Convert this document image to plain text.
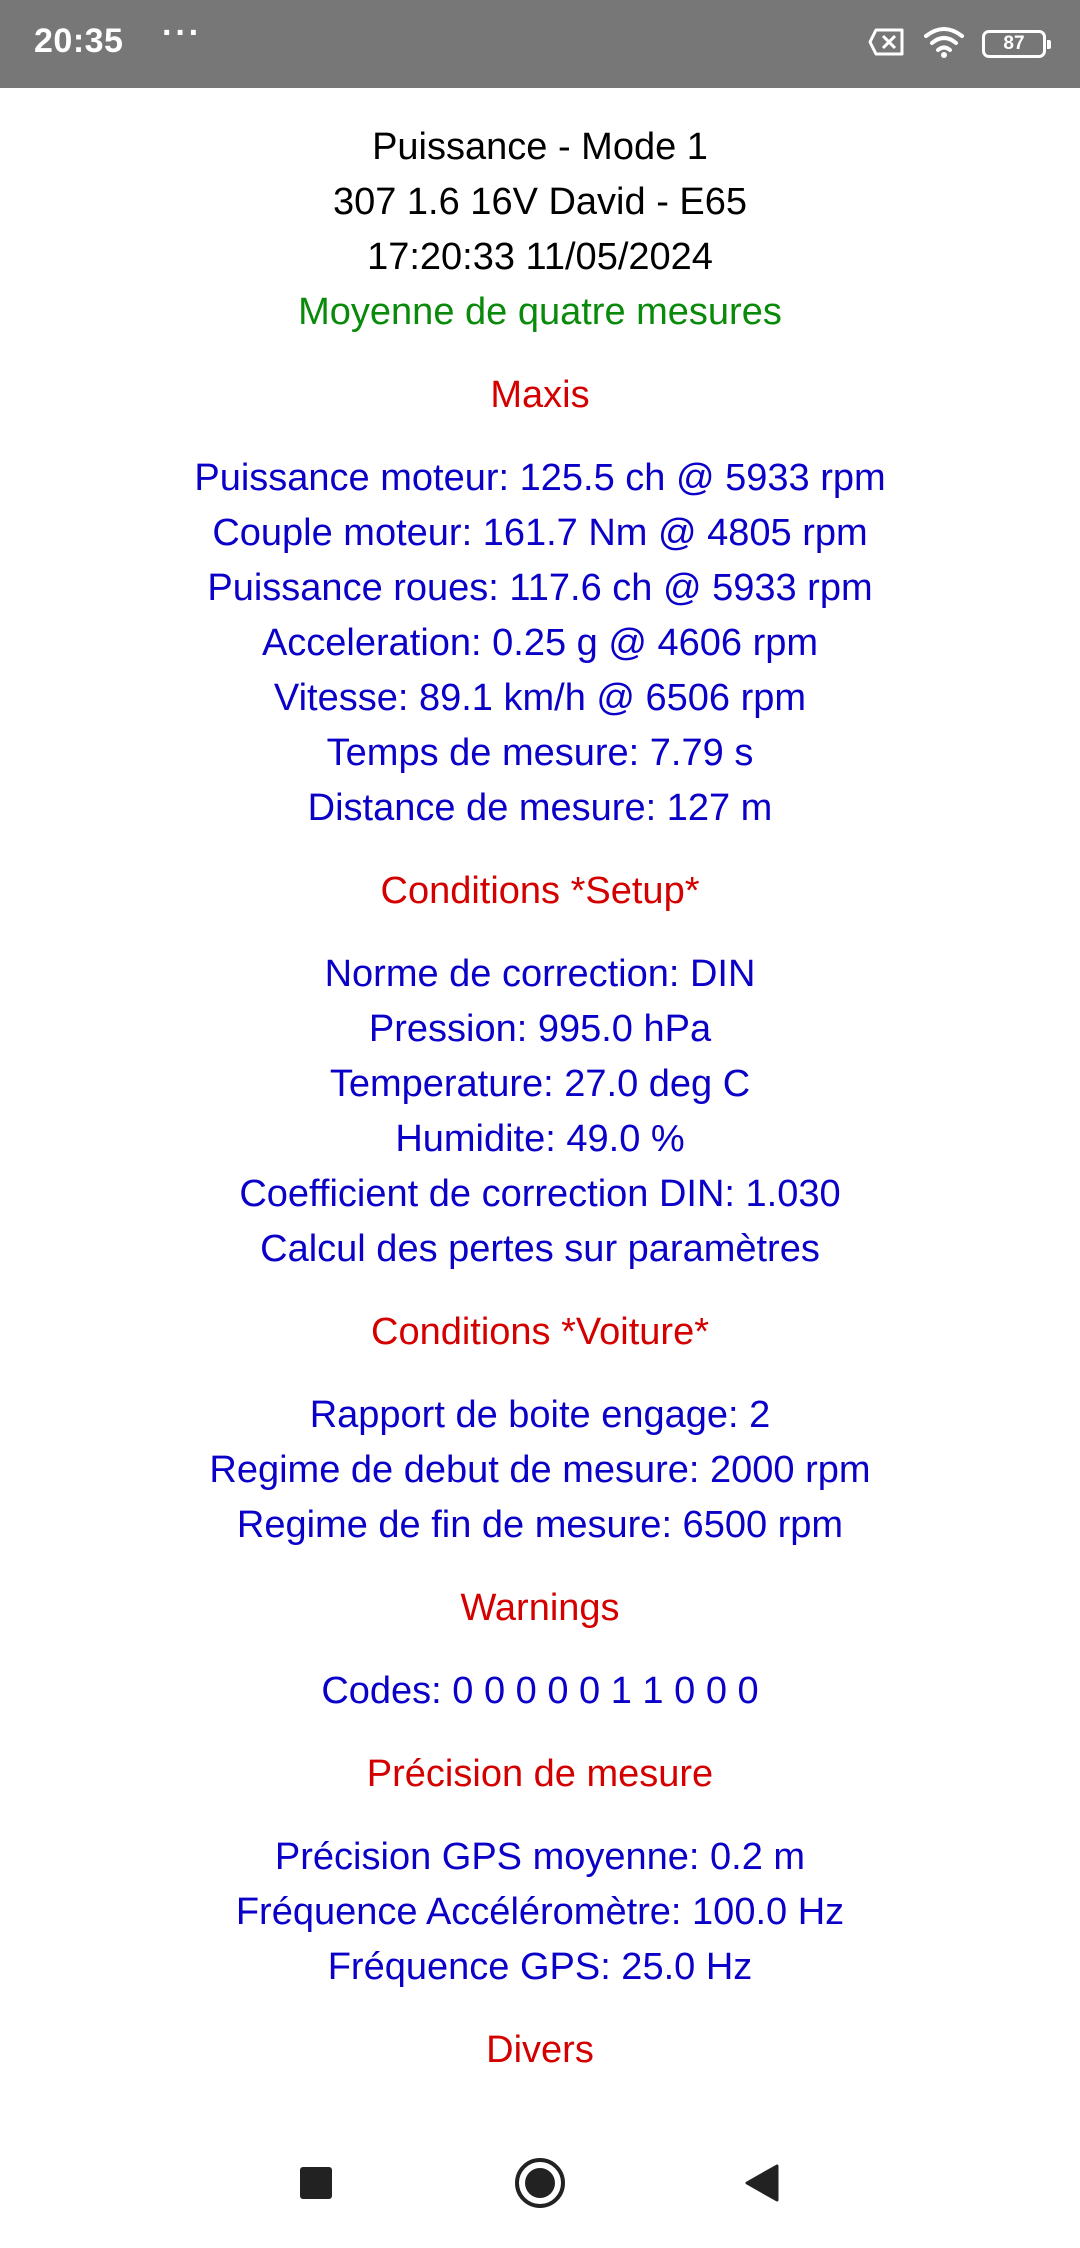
20:35 ···	87
Puissance - Mode 1
307 1.6 16V David - E65
17:20:33 11/05/2024
Moyenne de quatre mesures
Maxis
Puissance moteur: 125.5 ch @ 5933 rpm
Couple moteur: 161.7 Nm @ 4805 rpm
Puissance roues: 117.6 ch @ 5933 rpm
Acceleration: 0.25 g @ 4606 rpm
Vitesse: 89.1 km/h @ 6506 rpm
Temps de mesure: 7.79 s
Distance de mesure: 127 m
Conditions *Setup*
Norme de correction: DIN
Pression: 995.0 hPa
Temperature: 27.0 deg C
Humidite: 49.0 %
Coefficient de correction DIN: 1.030
Calcul des pertes sur paramètres
Conditions *Voiture*
Rapport de boite engage: 2
Regime de debut de mesure: 2000 rpm
Regime de fin de mesure: 6500 rpm
Warnings
Codes: 0 0 0 0 0 1 1 0 0 0
Précision de mesure
Précision GPS moyenne: 0.2 m
Fréquence Accéléromètre: 100.0 Hz
Fréquence GPS: 25.0 Hz
Divers
